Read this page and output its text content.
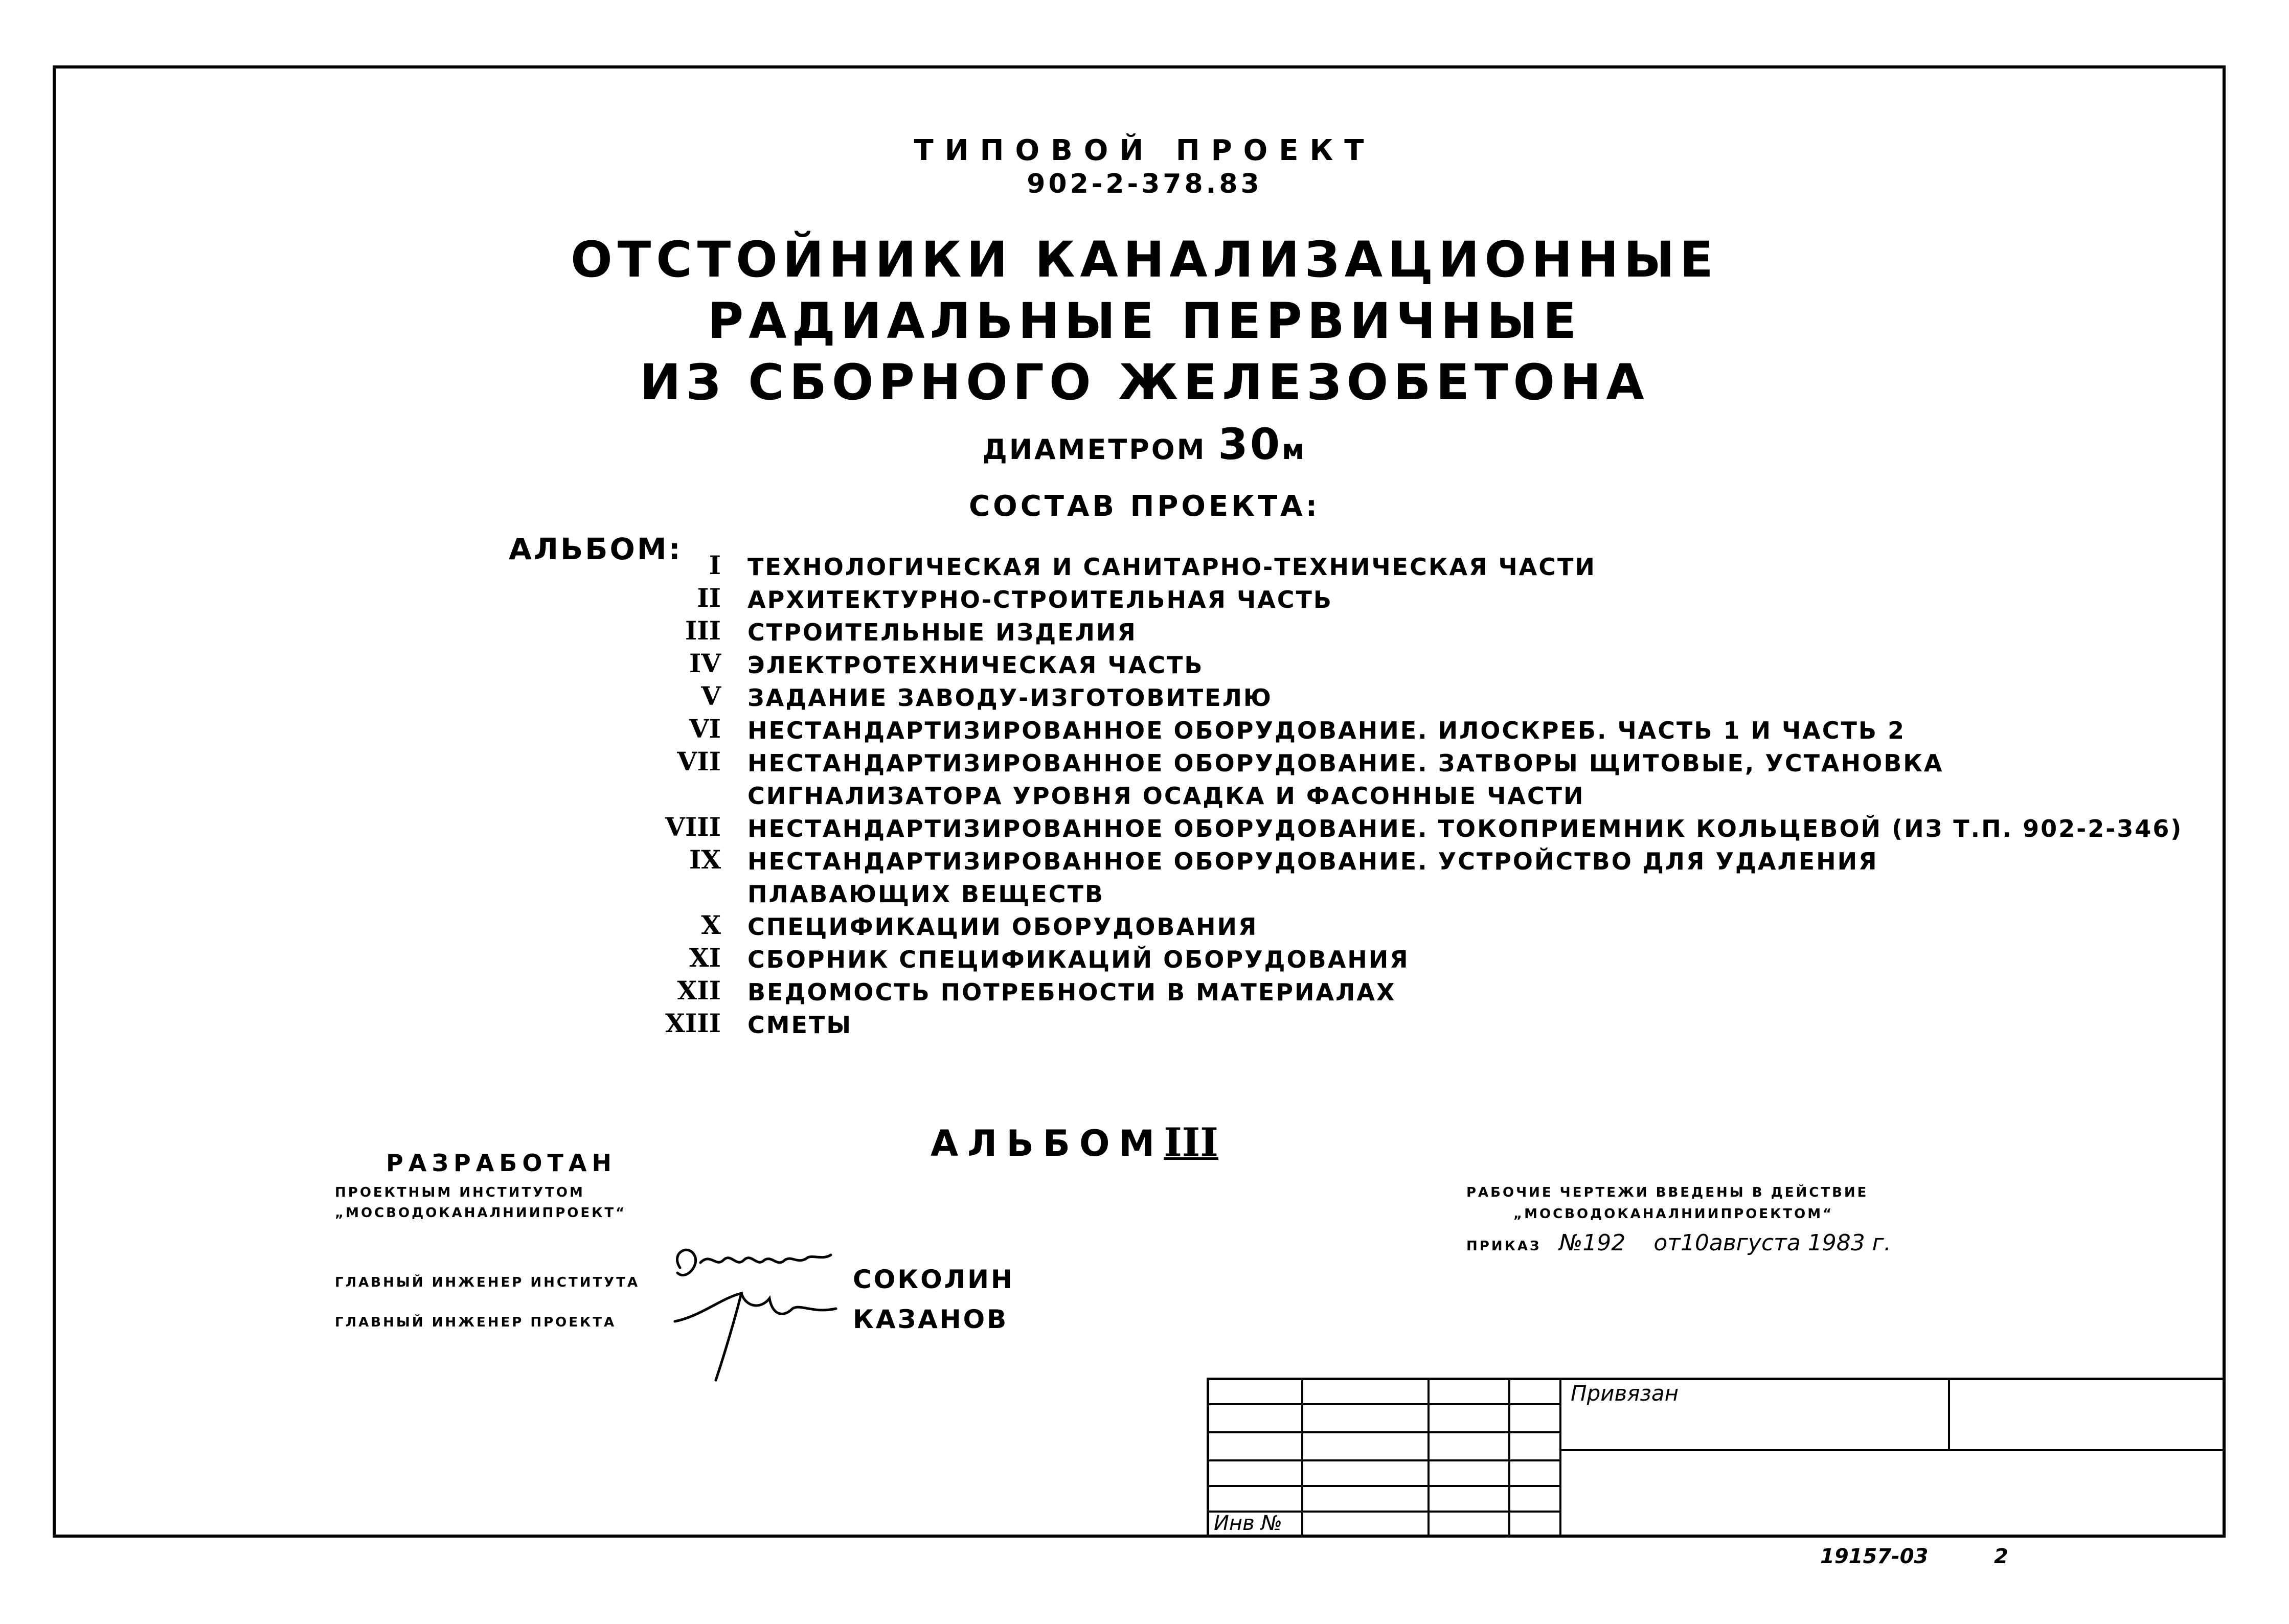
ТИПОВОЙ ПРОЕКТ
902-2-378.83
ОТСТОЙНИКИ КАНАЛИЗАЦИОННЫЕ
РАДИАЛЬНЫЕ ПЕРВИЧНЫЕ
ИЗ СБОРНОГО ЖЕЛЕЗОБЕТОНА
ДИАМЕТРОМ 30м
СОСТАВ ПРОЕКТА:
АЛЬБОМ:	I ТЕХНОЛОГИЧЕСКАЯ И САНИТАРНО-ТЕХНИЧЕСКАЯ ЧАСТИ
II АРХИТЕКТУРНО-СТРОИТЕЛЬНАЯ ЧАСТЬ
III СТРОИТЕЛЬНЫЕ ИЗДЕЛИЯ
IV ЭЛЕКТРОТЕХНИЧЕСКАЯ ЧАСТЬ
V ЗАДАНИЕ ЗАВОДУ-ИЗГОТОВИТЕЛЮ
VI НЕСТАНДАРТИЗИРОВАННОЕ ОБОРУДОВАНИЕ. ИЛОСКРЕБ. ЧАСТЬ 1 И ЧАСТЬ 2
VII НЕСТАНДАРТИЗИРОВАННОЕ ОБОРУДОВАНИЕ. ЗАТВОРЫ ЩИТОВЫЕ, УСТАНОВКА
СИГНАЛИЗАТОРА УРОВНЯ ОСАДКА И ФАСОННЫЕ ЧАСТИ
VIII НЕСТАНДАРТИЗИРОВАННОЕ ОБОРУДОВАНИЕ. ТОКОПРИЕМНИК КОЛЬЦЕВОЙ (ИЗ Т.П. 902-2-346)
IX НЕСТАНДАРТИЗИРОВАННОЕ ОБОРУДОВАНИЕ. УСТРОЙСТВО ДЛЯ УДАЛЕНИЯ
ПЛАВАЮЩИХ ВЕЩЕСТВ
X СПЕЦИФИКАЦИИ ОБОРУДОВАНИЯ
XI СБОРНИК СПЕЦИФИКАЦИЙ ОБОРУДОВАНИЯ
XII ВЕДОМОСТЬ ПОТРЕБНОСТИ В МАТЕРИАЛАХ
XIII СМЕТЫ
АЛЬБОМIII
РАЗРАБОТАН
ПРОЕКТНЫМ ИНСТИТУТОМ
„МОСВОДОКАНАЛНИИПРОЕКТ“
ГЛАВНЫЙ ИНЖЕНЕР ИНСТИТУТА	СОКОЛИН
ГЛАВНЫЙ ИНЖЕНЕР ПРОЕКТА	КАЗАНОВ
РАБОЧИЕ ЧЕРТЕЖИ ВВЕДЕНЫ В ДЕЙСТВИЕ
„МОСВОДОКАНАЛНИИПРОЕКТОМ“
ПРИКАЗ №192 от10августа 1983 г.
Привязан
Инв №
19157-03	2
